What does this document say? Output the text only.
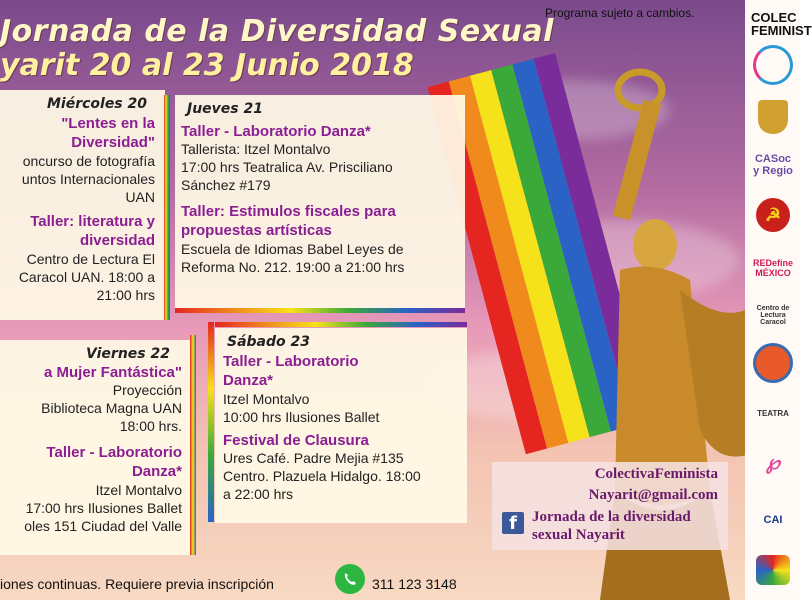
Jornada de la Diversidad Sexual
yarit 20 al 23 Junio 2018
Programa sujeto a cambios.
Miércoles 20
"Lentes en la Diversidad"
oncurso de fotografía
untos Internacionales
UAN
Taller: literatura y diversidad
Centro de Lectura El
Caracol UAN. 18:00 a
21:00 hrs
Jueves 21
Taller - Laboratorio Danza*
Tallerista: Itzel Montalvo
17:00 hrs Teatralica Av. Prisciliano
Sánchez #179
Taller: Estimulos fiscales para propuestas artísticas
Escuela de Idiomas Babel Leyes de
Reforma No. 212. 19:00 a 21:00 hrs
Viernes 22
a Mujer Fantástica"
Proyección
Biblioteca Magna UAN
18:00 hrs.
Taller - Laboratorio Danza*
Itzel Montalvo
17:00 hrs Ilusiones Ballet
oles 151 Ciudad del Valle
Sábado 23
Taller - Laboratorio Danza*
Itzel Montalvo
10:00 hrs Ilusiones Ballet
Festival de Clausura
Ures Café. Padre Mejia #135
Centro. Plazuela Hidalgo. 18:00
a 22:00 hrs
ColectivaFeminista
Nayarit@gmail.com
f	Jornada de la diversidad sexual Nayarit
iones continuas. Requiere previa inscripción	311 123 3148
COLEC FEMINIST
CASoc y Regio
☭
REDefine MÉXICO
Centro de Lectura Caracol
TEATRA
℘
CAI
